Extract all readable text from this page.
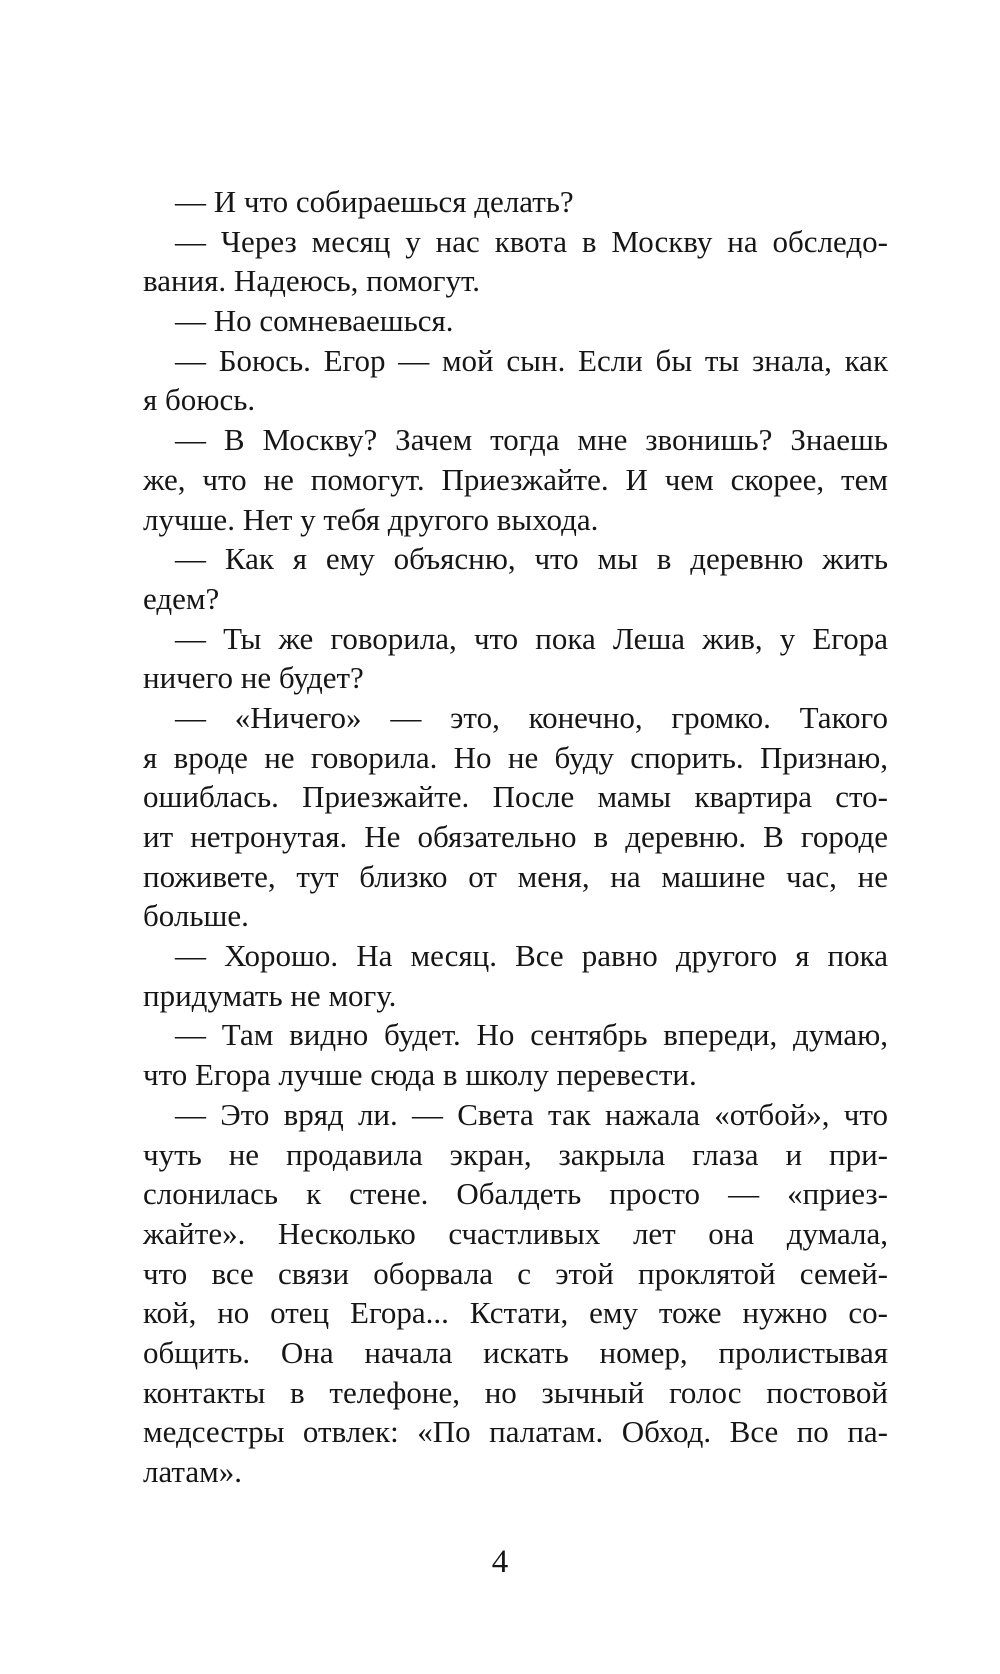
— И что собираешься делать?
— Через месяц у нас квота в Москву на обследо-
вания. Надеюсь, помогут.
— Но сомневаешься.
— Боюсь. Егор — мой сын. Если бы ты знала, как
я боюсь.
— В Москву? Зачем тогда мне звонишь? Знаешь
же, что не помогут. Приезжайте. И чем скорее, тем
лучше. Нет у тебя другого выхода.
— Как я ему объясню, что мы в деревню жить
едем?
— Ты же говорила, что пока Леша жив, у Егора
ничего не будет?
— «Ничего» — это, конечно, громко. Такого
я вроде не говорила. Но не буду спорить. Признаю,
ошиблась. Приезжайте. После мамы квартира сто-
ит нетронутая. Не обязательно в деревню. В городе
поживете, тут близко от меня, на машине час, не
больше.
— Хорошо. На месяц. Все равно другого я пока
придумать не могу.
— Там видно будет. Но сентябрь впереди, думаю,
что Егора лучше сюда в школу перевести.
— Это вряд ли. — Света так нажала «отбой», что
чуть не продавила экран, закрыла глаза и при-
слонилась к стене. Обалдеть просто — «приез-
жайте». Несколько счастливых лет она думала,
что все связи оборвала с этой проклятой семей-
кой, но отец Егора... Кстати, ему тоже нужно со-
общить. Она начала искать номер, пролистывая
контакты в телефоне, но зычный голос постовой
медсестры отвлек: «По палатам. Обход. Все по па-
латам».
4
